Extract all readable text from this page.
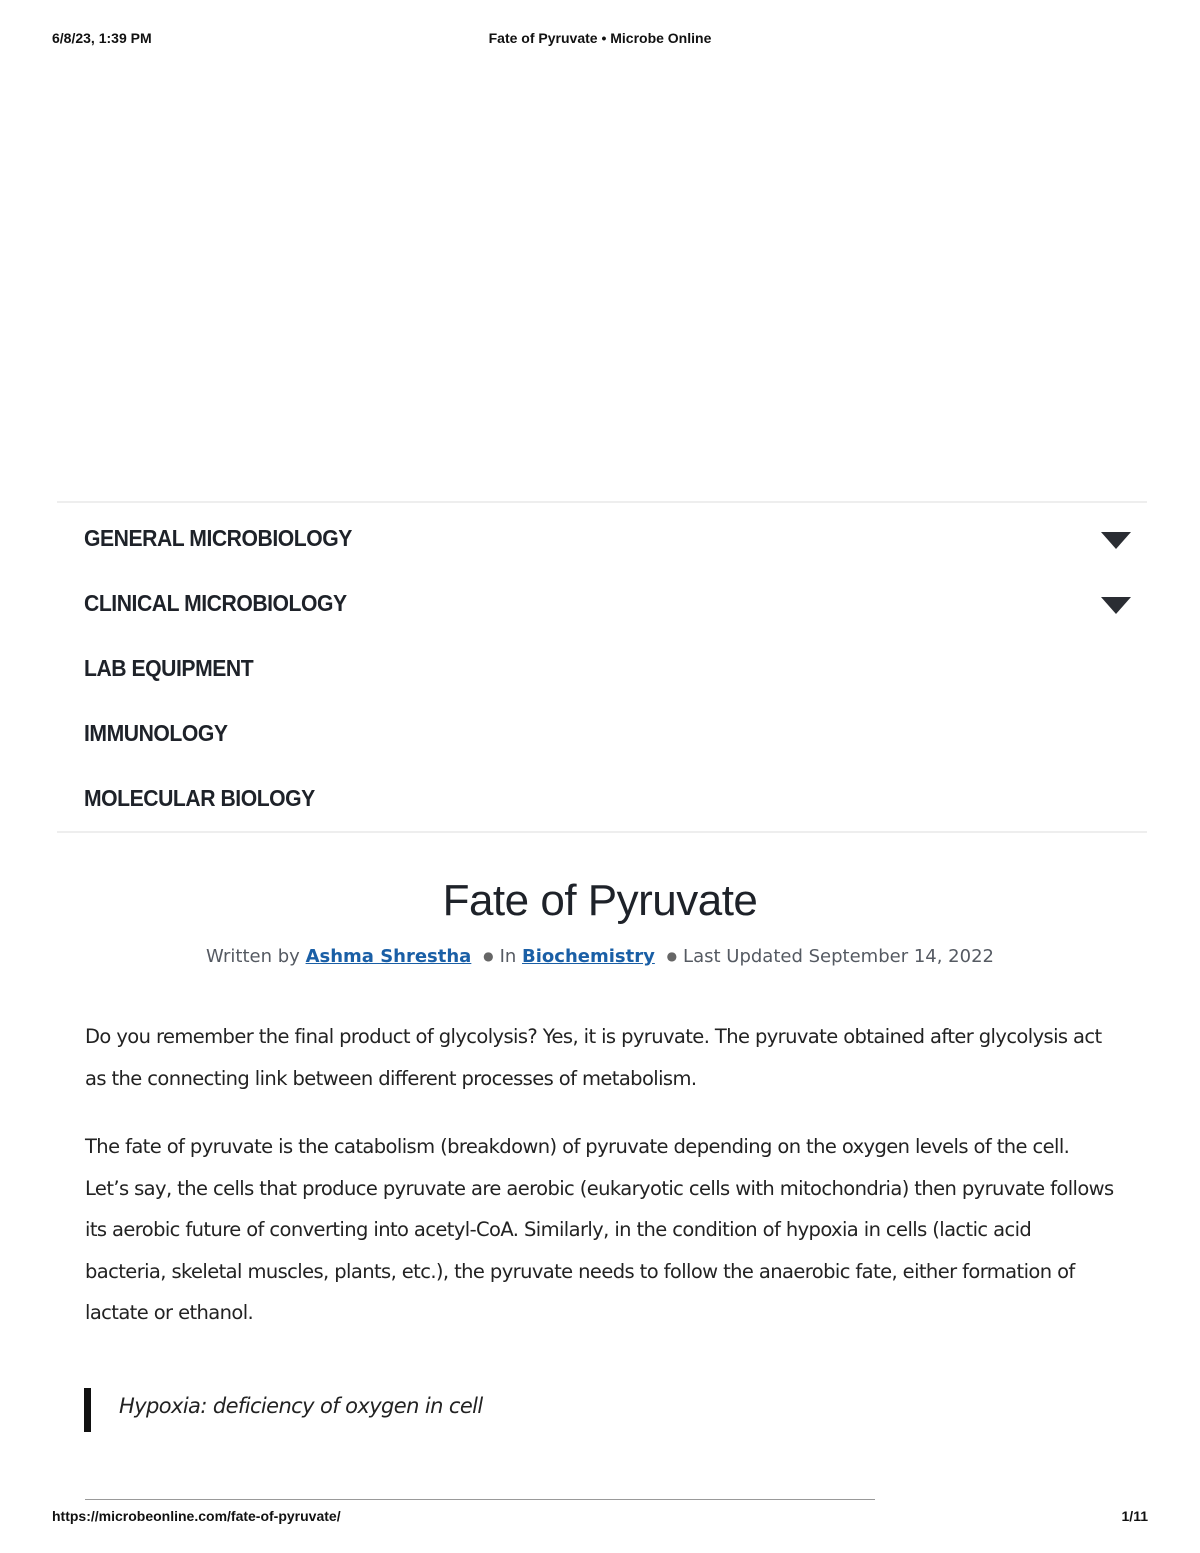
6/8/23, 1:39 PM	Fate of Pyruvate • Microbe Online
GENERAL MICROBIOLOGY
CLINICAL MICROBIOLOGY
LAB EQUIPMENT
IMMUNOLOGY
MOLECULAR BIOLOGY
Fate of Pyruvate
Written by Ashma Shrestha ● In Biochemistry ● Last Updated September 14, 2022

Do you remember the final product of glycolysis? Yes, it is pyruvate. The pyruvate obtained after glycolysis act as the connecting link between different processes of metabolism.

The fate of pyruvate is the catabolism (breakdown) of pyruvate depending on the oxygen levels of the cell. Let’s say, the cells that produce pyruvate are aerobic (eukaryotic cells with mitochondria) then pyruvate follows its aerobic future of converting into acetyl-CoA. Similarly, in the condition of hypoxia in cells (lactic acid bacteria, skeletal muscles, plants, etc.), the pyruvate needs to follow the anaerobic fate, either formation of lactate or ethanol.

Hypoxia: deficiency of oxygen in cell
https://microbeonline.com/fate-of-pyruvate/	1/11
